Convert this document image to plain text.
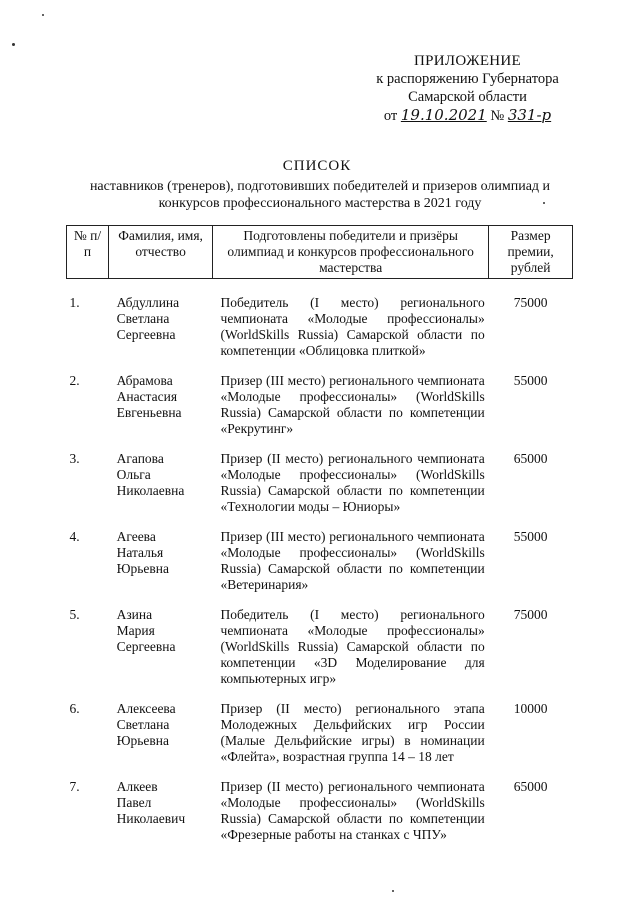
ПРИЛОЖЕНИЕ
к распоряжению Губернатора
Самарской области
от 19.10.2021 № 331-р
СПИСОК
наставников (тренеров), подготовивших победителей и призеров олимпиад и конкурсов профессионального мастерства в 2021 году
№ п/п	Фамилия, имя, отчество	Подготовлены победители и призёры олимпиад и конкурсов профессионального мастерства	Размер премии, рублей

1.	Абдуллина
Светлана
Сергеевна	Победитель (I место) регионального чемпионата «Молодые профессионалы» (WorldSkills Russia) Самарской области по компетенции «Облицовка плиткой»	75000
2.	Абрамова
Анастасия
Евгеньевна	Призер (III место) регионального чемпионата «Молодые профессионалы» (WorldSkills Russia) Самарской области по компетенции «Рекрутинг»	55000
3.	Агапова
Ольга
Николаевна	Призер (II место) регионального чемпионата «Молодые профессионалы» (WorldSkills Russia) Самарской области по компетенции «Технологии моды – Юниоры»	65000
4.	Агеева
Наталья
Юрьевна	Призер (III место) регионального чемпионата «Молодые профессионалы» (WorldSkills Russia) Самарской области по компетенции «Ветеринария»	55000
5.	Азина
Мария
Сергеевна	Победитель (I место) регионального чемпионата «Молодые профессионалы» (WorldSkills Russia) Самарской области по компетенции «3D Моделирование для компьютерных игр»	75000
6.	Алексеева
Светлана
Юрьевна	Призер (II место) регионального этапа Молодежных Дельфийских игр России (Малые Дельфийские игры) в номинации «Флейта», возрастная группа 14 – 18 лет	10000
7.	Алкеев
Павел
Николаевич	Призер (II место) регионального чемпионата «Молодые профессионалы» (WorldSkills Russia) Самарской области по компетенции «Фрезерные работы на станках с ЧПУ»	65000
